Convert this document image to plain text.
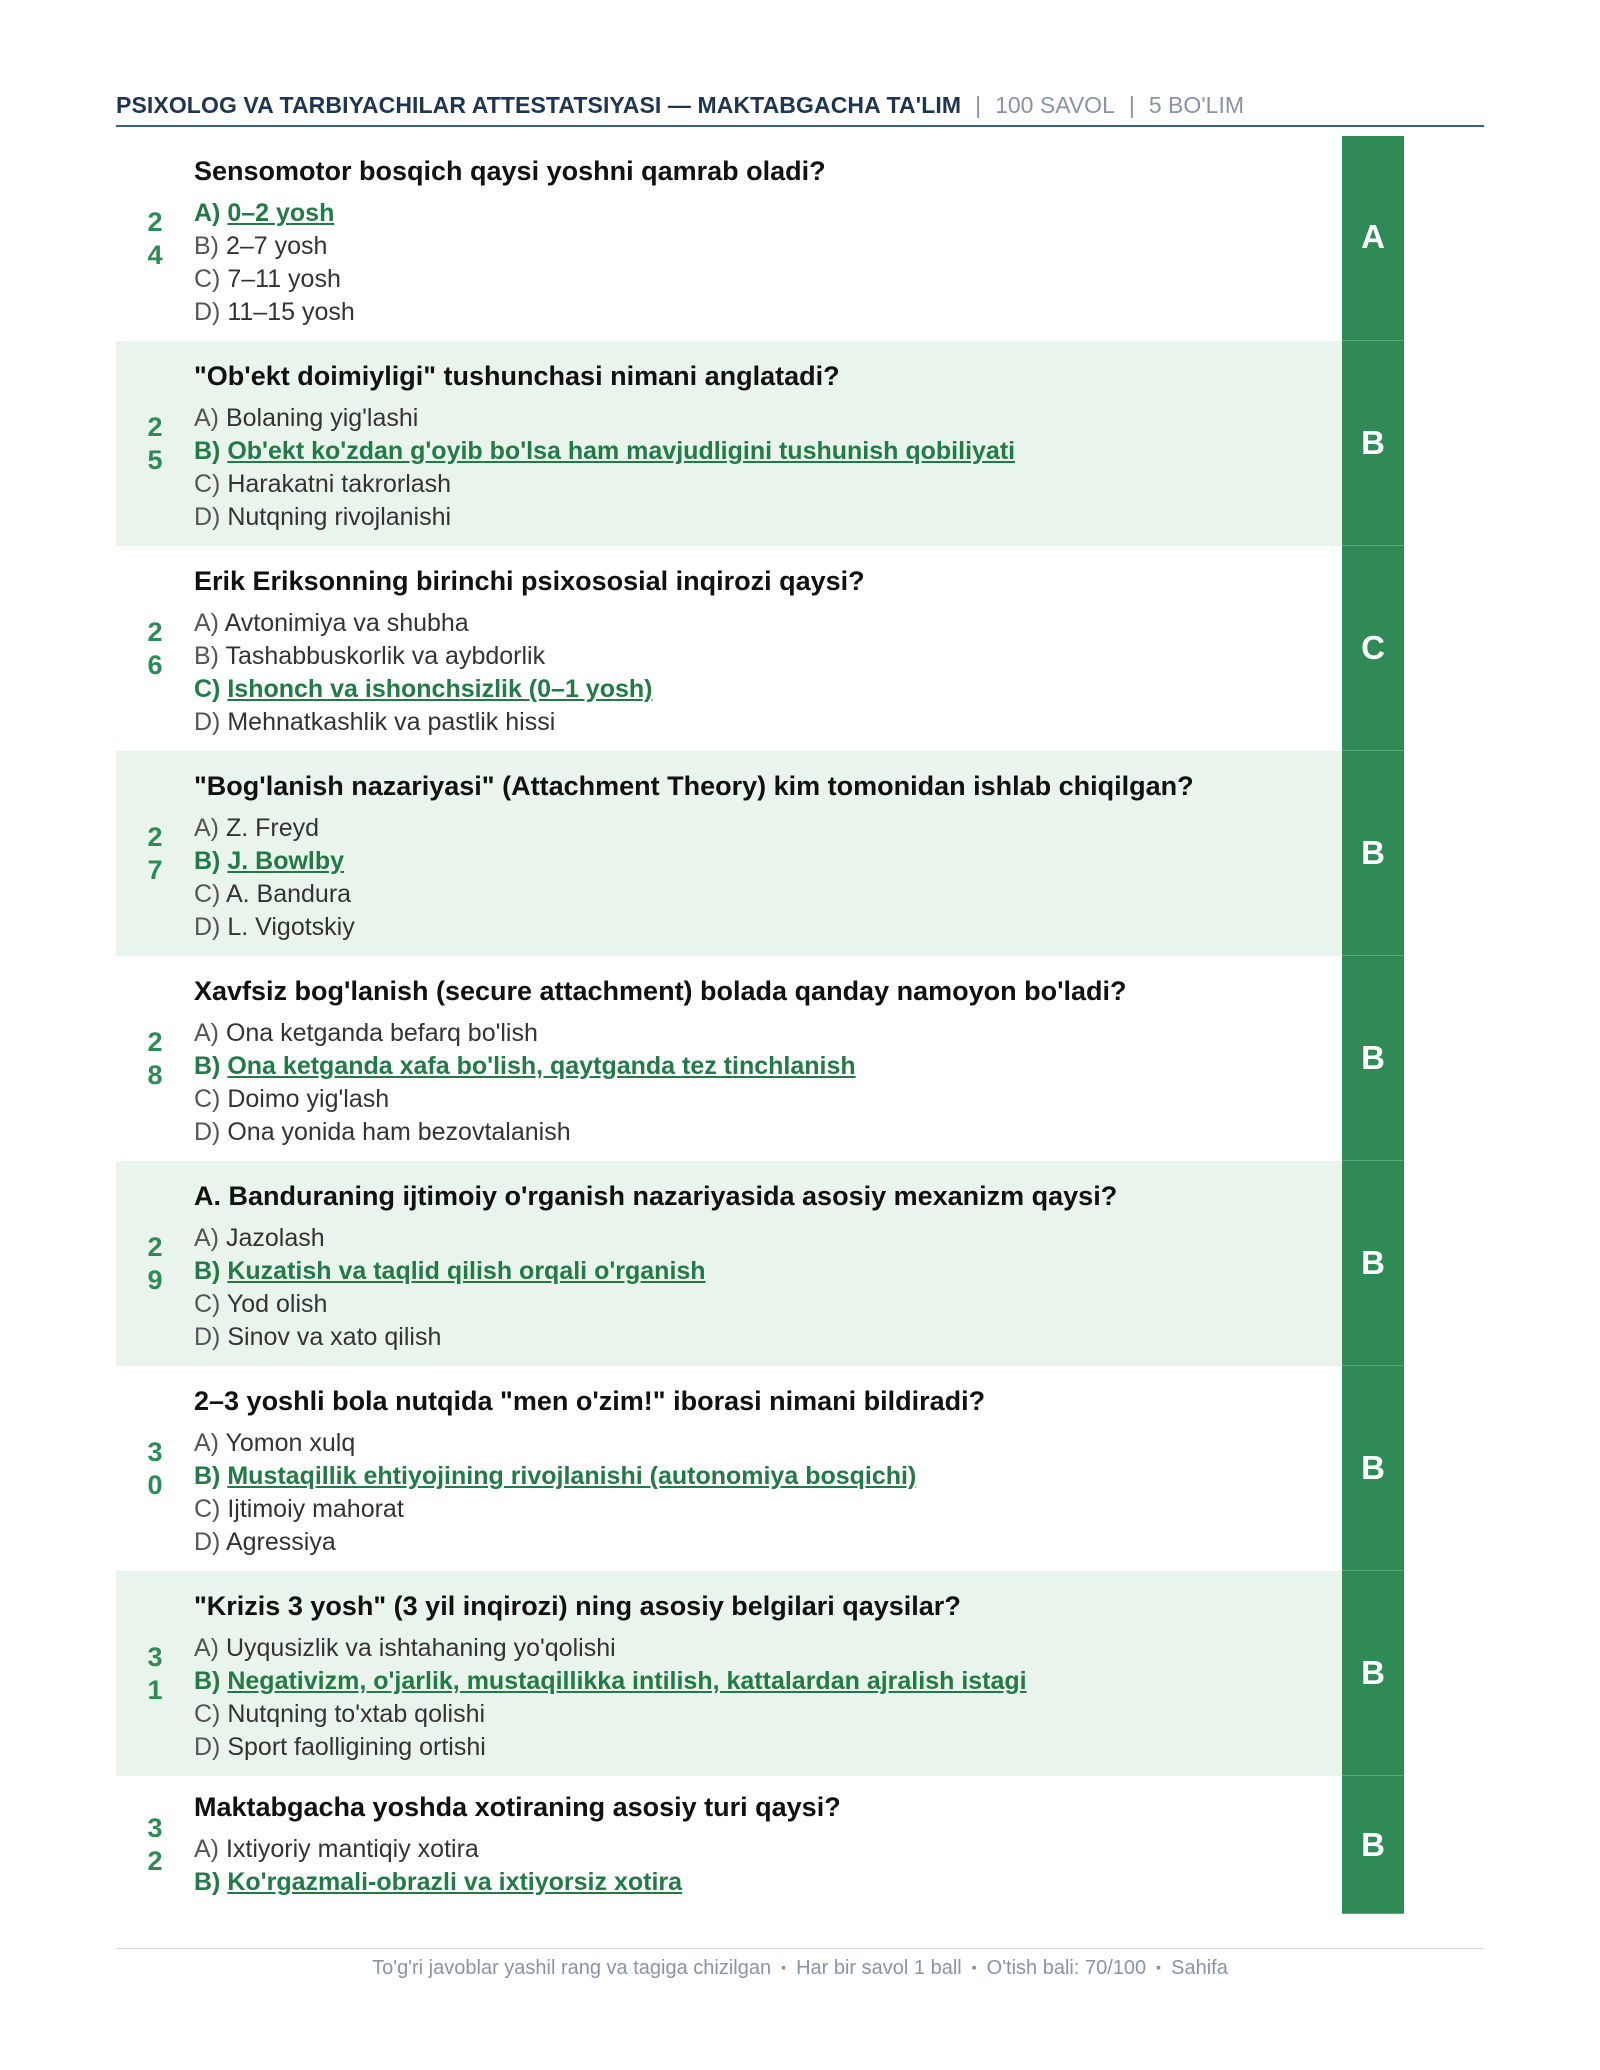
PSIXOLOG VA TARBIYACHILAR ATTESTATSIYASI — MAKTABGACHA TA'LIM | 100 SAVOL | 5 BO'LIM
24
Sensomotor bosqich qaysi yoshni qamrab oladi?
A) 0–2 yosh
B) 2–7 yosh
C) 7–11 yosh
D) 11–15 yosh
A
25
"Ob'ekt doimiyligi" tushunchasi nimani anglatadi?
A) Bolaning yig'lashi
B) Ob'ekt ko'zdan g'oyib bo'lsa ham mavjudligini tushunish qobiliyati
C) Harakatni takrorlash
D) Nutqning rivojlanishi
B
26
Erik Eriksonning birinchi psixososial inqirozi qaysi?
A) Avtonimiya va shubha
B) Tashabbuskorlik va aybdorlik
C) Ishonch va ishonchsizlik (0–1 yosh)
D) Mehnatkashlik va pastlik hissi
C
27
"Bog'lanish nazariyasi" (Attachment Theory) kim tomonidan ishlab chiqilgan?
A) Z. Freyd
B) J. Bowlby
C) A. Bandura
D) L. Vigotskiy
B
28
Xavfsiz bog'lanish (secure attachment) bolada qanday namoyon bo'ladi?
A) Ona ketganda befarq bo'lish
B) Ona ketganda xafa bo'lish, qaytganda tez tinchlanish
C) Doimo yig'lash
D) Ona yonida ham bezovtalanish
B
29
A. Banduraning ijtimoiy o'rganish nazariyasida asosiy mexanizm qaysi?
A) Jazolash
B) Kuzatish va taqlid qilish orqali o'rganish
C) Yod olish
D) Sinov va xato qilish
B
30
2–3 yoshli bola nutqida "men o'zim!" iborasi nimani bildiradi?
A) Yomon xulq
B) Mustaqillik ehtiyojining rivojlanishi (autonomiya bosqichi)
C) Ijtimoiy mahorat
D) Agressiya
B
31
"Krizis 3 yosh" (3 yil inqirozi) ning asosiy belgilari qaysilar?
A) Uyqusizlik va ishtahaning yo'qolishi
B) Negativizm, o'jarlik, mustaqillikka intilish, kattalardan ajralish istagi
C) Nutqning to'xtab qolishi
D) Sport faolligining ortishi
B
32
Maktabgacha yoshda xotiraning asosiy turi qaysi?
A) Ixtiyoriy mantiqiy xotira
B) Ko'rgazmali-obrazli va ixtiyorsiz xotira
B
To'g'ri javoblar yashil rang va tagiga chizilgan ▪ Har bir savol 1 ball ▪ O'tish bali: 70/100 ▪ Sahifa
